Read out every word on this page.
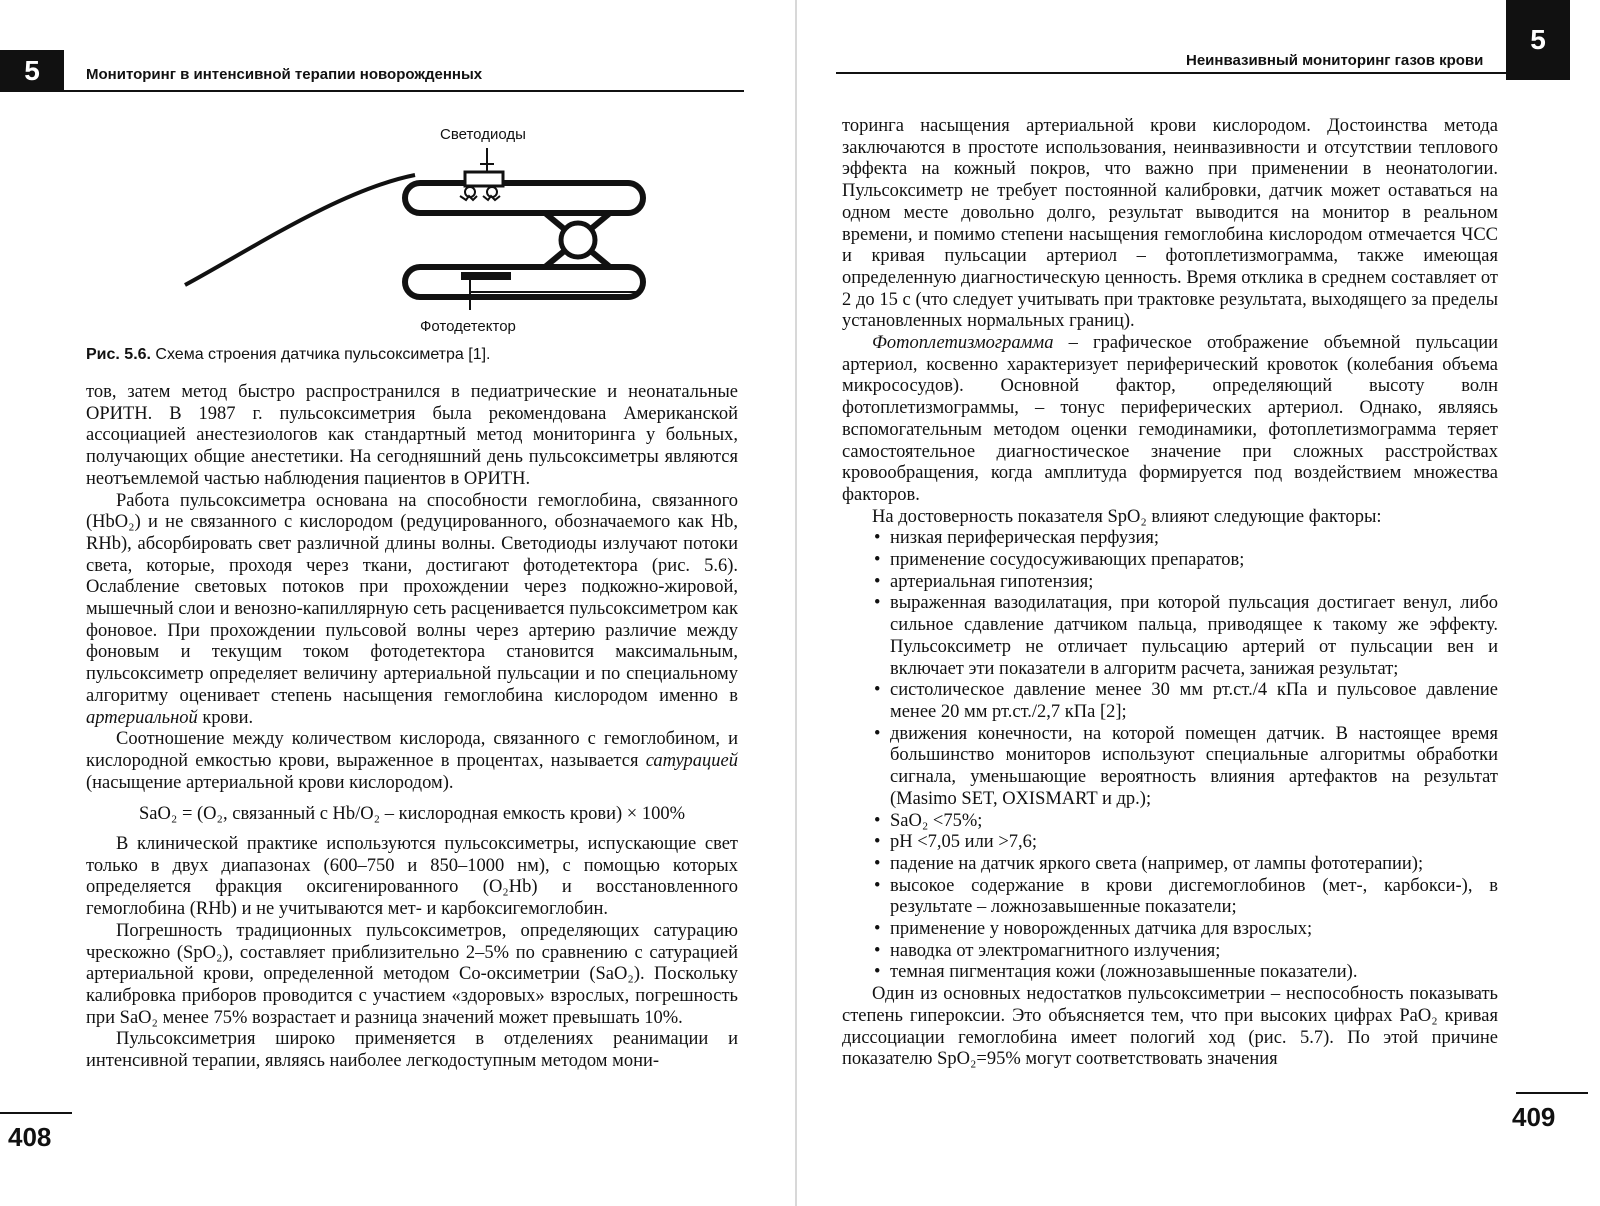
5	Мониторинг в интенсивной терапии новорожденных
Светодиоды
Фотодетектор
Рис. 5.6. Схема строения датчика пульсоксиметра [1].

тов, затем метод быстро распространился в педиатрические и неонатальные ОРИТН. В 1987 г. пульсоксиметрия была рекомендована Американской ассоциацией анестезиологов как стандартный метод мониторинга у больных, получающих общие анестетики. На сегодняшний день пульсоксиметры являются неотъемлемой частью наблюдения пациентов в ОРИТН.

Работа пульсоксиметра основана на способности гемоглобина, связанного (HbO₂) и не связанного с кислородом (редуцированного, обозначаемого как Hb, RHb), абсорбировать свет различной длины волны. Светодиоды излучают потоки света, которые, проходя через ткани, достигают фотодетектора (рис. 5.6). Ослабление световых потоков при прохождении через подкожно-жировой, мышечный слои и венозно-капиллярную сеть расценивается пульсоксиметром как фоновое. При прохождении пульсовой волны через артерию различие между фоновым и текущим током фотодетектора становится максимальным, пульсоксиметр определяет величину артериальной пульсации и по специальному алгоритму оценивает степень насыщения гемоглобина кислородом именно в артериальной крови.

Соотношение между количеством кислорода, связанного с гемоглобином, и кислородной емкостью крови, выраженное в процентах, называется сатурацией (насыщение артериальной крови кислородом).

SaO₂ = (O₂, связанный с Hb/O₂ – кислородная емкость крови) × 100%

В клинической практике используются пульсоксиметры, испускающие свет только в двух диапазонах (600–750 и 850–1000 нм), с помощью которых определяется фракция оксигенированного (O₂Hb) и восстановленного гемоглобина (RHb) и не учитываются мет- и карбоксигемоглобин.

Погрешность традиционных пульсоксиметров, определяющих сатурацию чрескожно (SpO₂), составляет приблизительно 2–5% по сравнению с сатурацией артериальной крови, определенной методом Co-оксиметрии (SaO₂). Поскольку калибровка приборов проводится с участием «здоровых» взрослых, погрешность при SaO₂ менее 75% возрастает и разница значений может превышать 10%.

Пульсоксиметрия широко применяется в отделениях реанимации и интенсивной терапии, являясь наиболее легкодоступным методом мони-

408
Неинвазивный мониторинг газов крови
5

торинга насыщения артериальной крови кислородом. Достоинства метода заключаются в простоте использования, неинвазивности и отсутствии теплового эффекта на кожный покров, что важно при применении в неонатологии. Пульсоксиметр не требует постоянной калибровки, датчик может оставаться на одном месте довольно долго, результат выводится на монитор в реальном времени, и помимо степени насыщения гемоглобина кислородом отмечается ЧСС и кривая пульсации артериол – фотоплетизмограмма, также имеющая определенную диагностическую ценность. Время отклика в среднем составляет от 2 до 15 с (что следует учитывать при трактовке результата, выходящего за пределы установленных нормальных границ).

Фотоплетизмограмма – графическое отображение объемной пульсации артериол, косвенно характеризует периферический кровоток (колебания объема микрососудов). Основной фактор, определяющий высоту волн фотоплетизмограммы, – тонус периферических артериол. Однако, являясь вспомогательным методом оценки гемодинамики, фотоплетизмограмма теряет самостоятельное диагностическое значение при сложных расстройствах кровообращения, когда амплитуда формируется под воздействием множества факторов.

На достоверность показателя SpO₂ влияют следующие факторы:

• низкая периферическая перфузия;
• применение сосудосуживающих препаратов;
• артериальная гипотензия;
• выраженная вазодилатация, при которой пульсация достигает венул, либо сильное сдавление датчиком пальца, приводящее к такому же эффекту. Пульсоксиметр не отличает пульсацию артерий от пульсации вен и включает эти показатели в алгоритм расчета, занижая результат;
• систолическое давление менее 30 мм рт.ст./4 кПа и пульсовое давление менее 20 мм рт.ст./2,7 кПа [2];
• движения конечности, на которой помещен датчик. В настоящее время большинство мониторов используют специальные алгоритмы обработки сигнала, уменьшающие вероятность влияния артефактов на результат (Masimo SET, OXISMART и др.);
• SaO₂ <75%;
• pH <7,05 или >7,6;
• падение на датчик яркого света (например, от лампы фототерапии);
• высокое содержание в крови дисгемоглобинов (мет-, карбокси-), в результате – ложнозавышенные показатели;
• применение у новорожденных датчика для взрослых;
• наводка от электромагнитного излучения;
• темная пигментация кожи (ложнозавышенные показатели).

Один из основных недостатков пульсоксиметрии – неспособность показывать степень гипероксии. Это объясняется тем, что при высоких цифрах PaO₂ кривая диссоциации гемоглобина имеет пологий ход (рис. 5.7). По этой причине показателю SpO₂=95% могут соответствовать значения

409
